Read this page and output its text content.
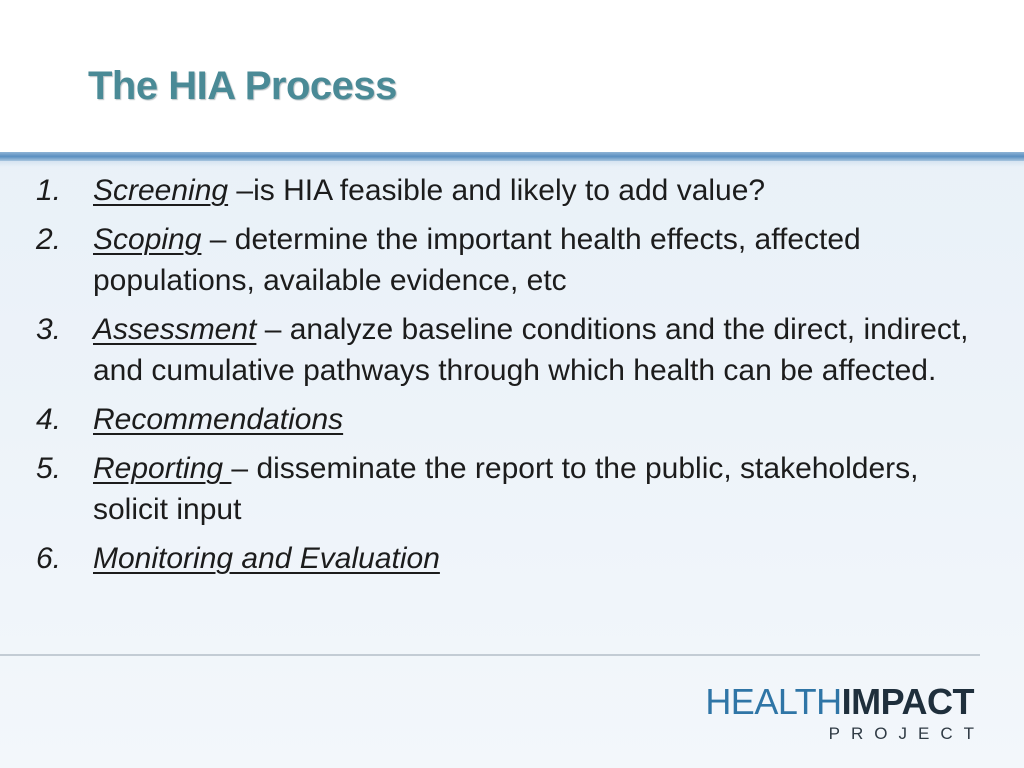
The HIA Process
1. Screening –is HIA feasible and likely to add value?
2. Scoping – determine the important health effects, affected populations, available evidence, etc
3. Assessment – analyze baseline conditions and the direct, indirect, and cumulative pathways through which health can be affected.
4. Recommendations
5. Reporting – disseminate the report to the public, stakeholders, solicit input
6. Monitoring and Evaluation
HEALTHIMPACT
PROJECT
